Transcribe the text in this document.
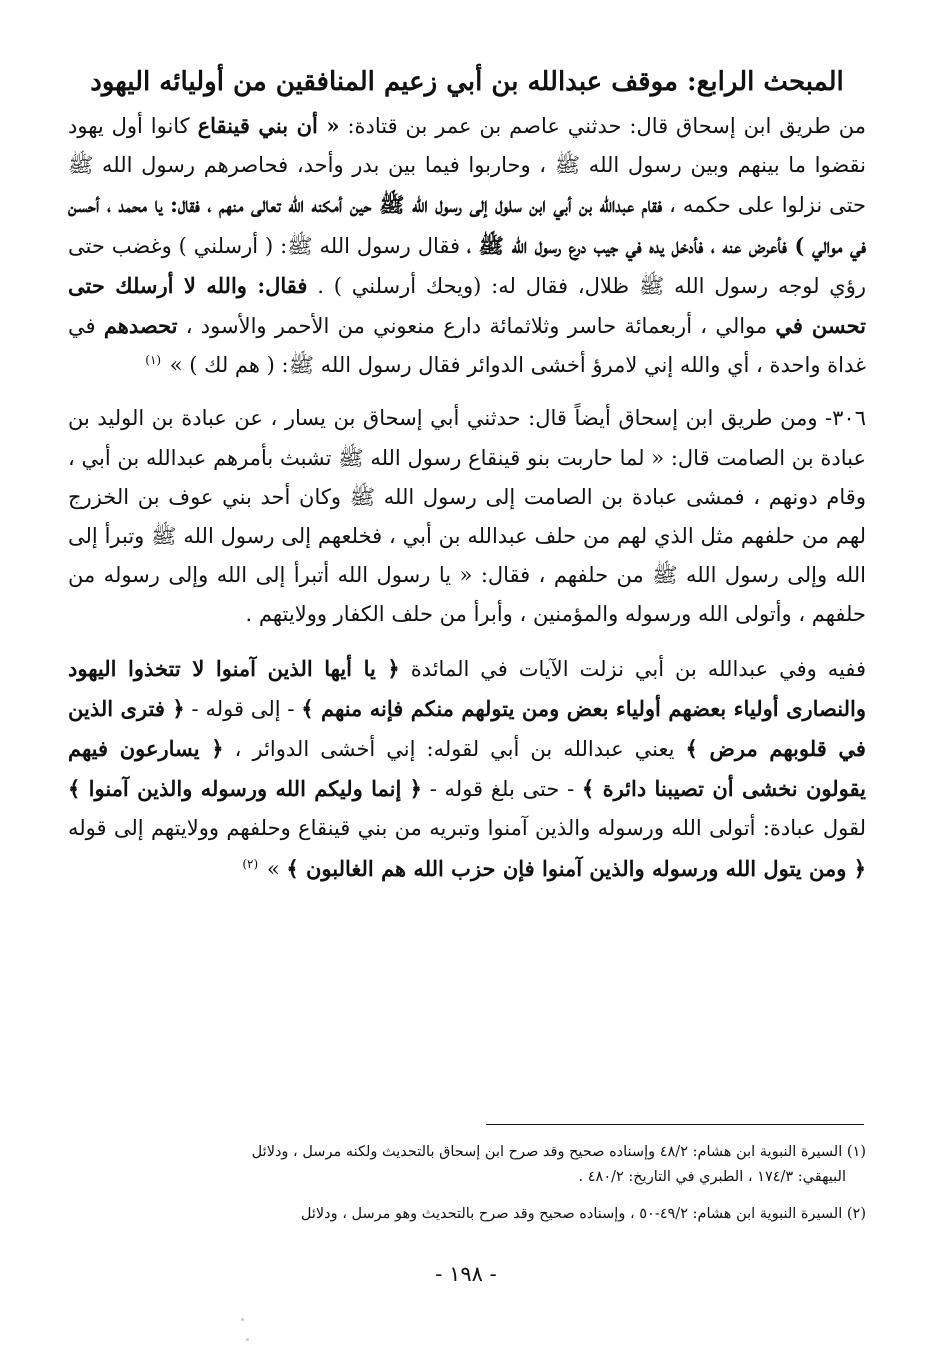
المبحث الرابع: موقف عبدالله بن أبي زعيم المنافقين من أوليائه اليهود

من طريق ابن إسحاق قال: حدثني عاصم بن عمر بن قتادة: « أن بني قينقاع كانوا أول يهود نقضوا ما بينهم وبين رسول الله ﷺ ، وحاربوا فيما بين بدر وأحد، فحاصرهم رسول الله ﷺ حتى نزلوا على حكمه ، فقام عبدالله بن أبي ابن سلول إلى رسول الله ﷺ حين أمكنه الله تعالى منهم ، فقال: يا محمد ، أحسن في موالي ) فأعرض عنه ، فأدخل يده في جيب درع رسول الله ﷺ ، فقال رسول الله ﷺ: ( أرسلني ) وغضب حتى رؤي لوجه رسول الله ﷺ ظلال، فقال له: (ويحك أرسلني ) . فقال: والله لا أرسلك حتى تحسن في موالي ، أربعمائة حاسر وثلاثمائة دارع منعوني من الأحمر والأسود ، تحصدهم في غداة واحدة ، أي والله إني لامرؤ أخشى الدوائر فقال رسول الله ﷺ: ( هم لك ) » $^{(١)}$

٣٠٦- ومن طريق ابن إسحاق أيضاً قال: حدثني أبي إسحاق بن يسار ، عن عبادة بن الوليد بن عبادة بن الصامت قال: « لما حاربت بنو قينقاع رسول الله ﷺ تشبث بأمرهم عبدالله بن أبي ، وقام دونهم ، فمشى عبادة بن الصامت إلى رسول الله ﷺ وكان أحد بني عوف بن الخزرج لهم من حلفهم مثل الذي لهم من حلف عبدالله بن أبي ، فخلعهم إلى رسول الله ﷺ وتبرأ إلى الله وإلى رسول الله ﷺ من حلفهم ، فقال: « يا رسول الله أتبرأ إلى الله وإلى رسوله من حلفهم ، وأتولى الله ورسوله والمؤمنين ، وأبرأ من حلف الكفار وولايتهم .

ففيه وفي عبدالله بن أبي نزلت الآيات في المائدة ﴿ يا أيها الذين آمنوا لا تتخذوا اليهود والنصارى أولياء بعضهم أولياء بعض ومن يتولهم منكم فإنه منهم ﴾ - إلى قوله - ﴿ فترى الذين في قلوبهم مرض ﴾ يعني عبدالله بن أبي لقوله: إني أخشى الدوائر ، ﴿ يسارعون فيهم يقولون نخشى أن تصيبنا دائرة ﴾ - حتى بلغ قوله - ﴿ إنما وليكم الله ورسوله والذين آمنوا ﴾ لقول عبادة: أتولى الله ورسوله والذين آمنوا وتبريه من بني قينقاع وحلفهم وولايتهم إلى قوله ﴿ ومن يتول الله ورسوله والذين آمنوا فإن حزب الله هم الغالبون ﴾ » $^{(٢)}$

(١) السيرة النبوية ابن هشام: ٤٨/٢ وإسناده صحيح وقد صرح ابن إسحاق بالتحديث ولكنه مرسل ، ودلائل
البيهقي: ١٧٤/٣ ، الطبري في التاريخ: ٤٨٠/٢ .

(٢) السيرة النبوية ابن هشام: ٤٩/٢-٥٠ ، وإسناده صحيح وقد صرح بالتحديث وهو مرسل ، ودلائل

- ١٩٨ -
